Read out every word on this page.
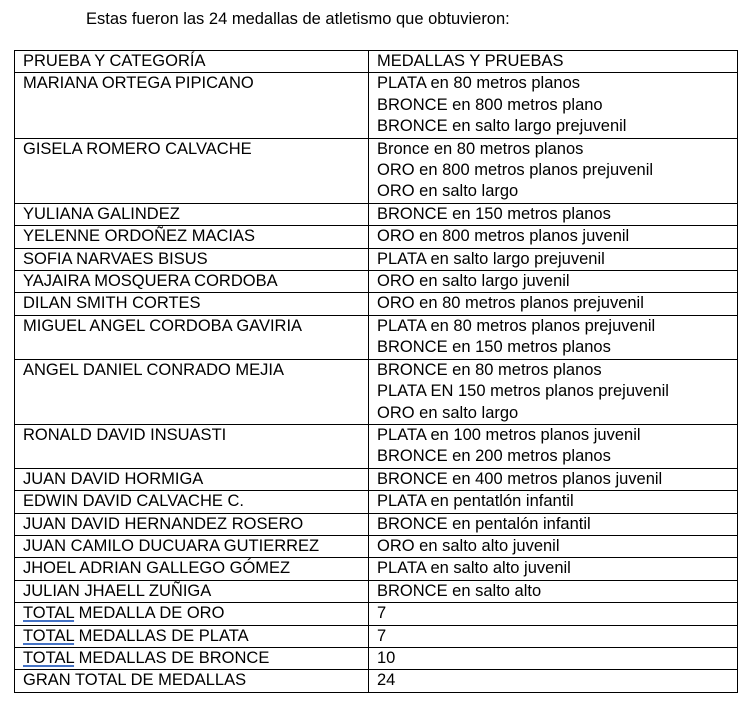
Estas fueron las 24 medallas de atletismo que obtuvieron:
PRUEBA Y CATEGORÍA	MEDALLAS Y PRUEBAS
MARIANA ORTEGA PIPICANO	PLATA en 80 metros planos
BRONCE en 800 metros plano
BRONCE en salto largo prejuvenil

GISELA ROMERO CALVACHE	Bronce en 80 metros planos
ORO en 800 metros planos prejuvenil
ORO en salto largo

YULIANA GALINDEZ	BRONCE en 150 metros planos

YELENNE ORDOÑEZ MACIAS	ORO en 800 metros planos juvenil

SOFIA NARVAES BISUS	PLATA en salto largo prejuvenil

YAJAIRA MOSQUERA CORDOBA	ORO en salto largo juvenil

DILAN SMITH CORTES	ORO en 80 metros planos prejuvenil

MIGUEL ANGEL CORDOBA GAVIRIA	PLATA en 80 metros planos prejuvenil
BRONCE en 150 metros planos

ANGEL DANIEL CONRADO MEJIA	BRONCE en 80 metros planos
PLATA EN 150 metros planos prejuvenil
ORO en salto largo

RONALD DAVID INSUASTI	PLATA en 100 metros planos juvenil
BRONCE en 200 metros planos

JUAN DAVID HORMIGA	BRONCE en 400 metros planos juvenil

EDWIN DAVID CALVACHE C.	PLATA en pentatlón infantil

JUAN DAVID HERNANDEZ ROSERO	BRONCE en pentalón infantil

JUAN CAMILO DUCUARA GUTIERREZ	ORO en salto alto juvenil

JHOEL ADRIAN GALLEGO GÓMEZ	PLATA en salto alto juvenil

JULIAN JHAELL ZUÑIGA	BRONCE en salto alto

TOTAL MEDALLA DE ORO	7
TOTAL MEDALLAS DE PLATA	7
TOTAL MEDALLAS DE BRONCE	10
GRAN TOTAL DE MEDALLAS	24
